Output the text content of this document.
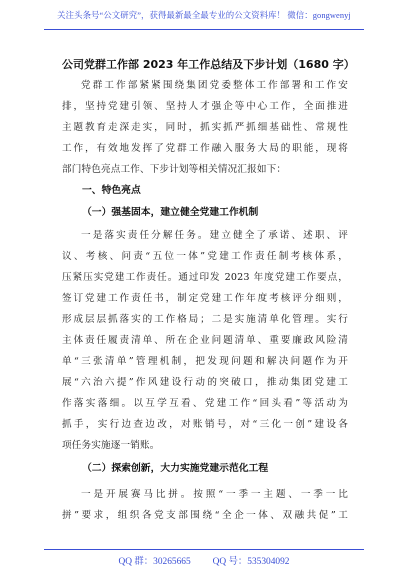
关注头条号“公文研究”，获得最新最全最专业的公文资料库！ 微信：gongwenyj
公司党群工作部 2023 年工作总结及下步计划（1680 字）
党群工作部紧紧围绕集团党委整体工作部署和工作安
排，坚持党建引领、坚持人才强企等中心工作，全面推进
主题教育走深走实，同时，抓实抓严抓细基础性、常规性
工作，有效地发挥了党群工作融入服务大局的职能，现将
部门特色亮点工作、下步计划等相关情况汇报如下：
一、特色亮点
（一）强基固本，建立健全党建工作机制
一是落实责任分解任务。建立健全了承诺、述职、评
议、考核、问责“五位一体”党建工作责任制考核体系，
压紧压实党建工作责任。通过印发 2023 年度党建工作要点，
签订党建工作责任书，制定党建工作年度考核评分细则，
形成层层抓落实的工作格局；二是实施清单化管理。实行
主体责任履责清单、所在企业问题清单、重要廉政风险清
单“三张清单”管理机制，把发现问题和解决问题作为开
展“六治六提”作风建设行动的突破口，推动集团党建工
作落实落细。以互学互看、党建工作“回头看”等活动为
抓手，实行边查边改，对账销号，对“三化一创”建设各
项任务实施逐一销账。
（二）探索创新，大力实施党建示范化工程
一是开展赛马比拼。按照“一季一主题、一季一比
拼”要求，组织各党支部围绕“全企一体、双融共促”工
QQ 群：30265665 QQ 号：535304092
